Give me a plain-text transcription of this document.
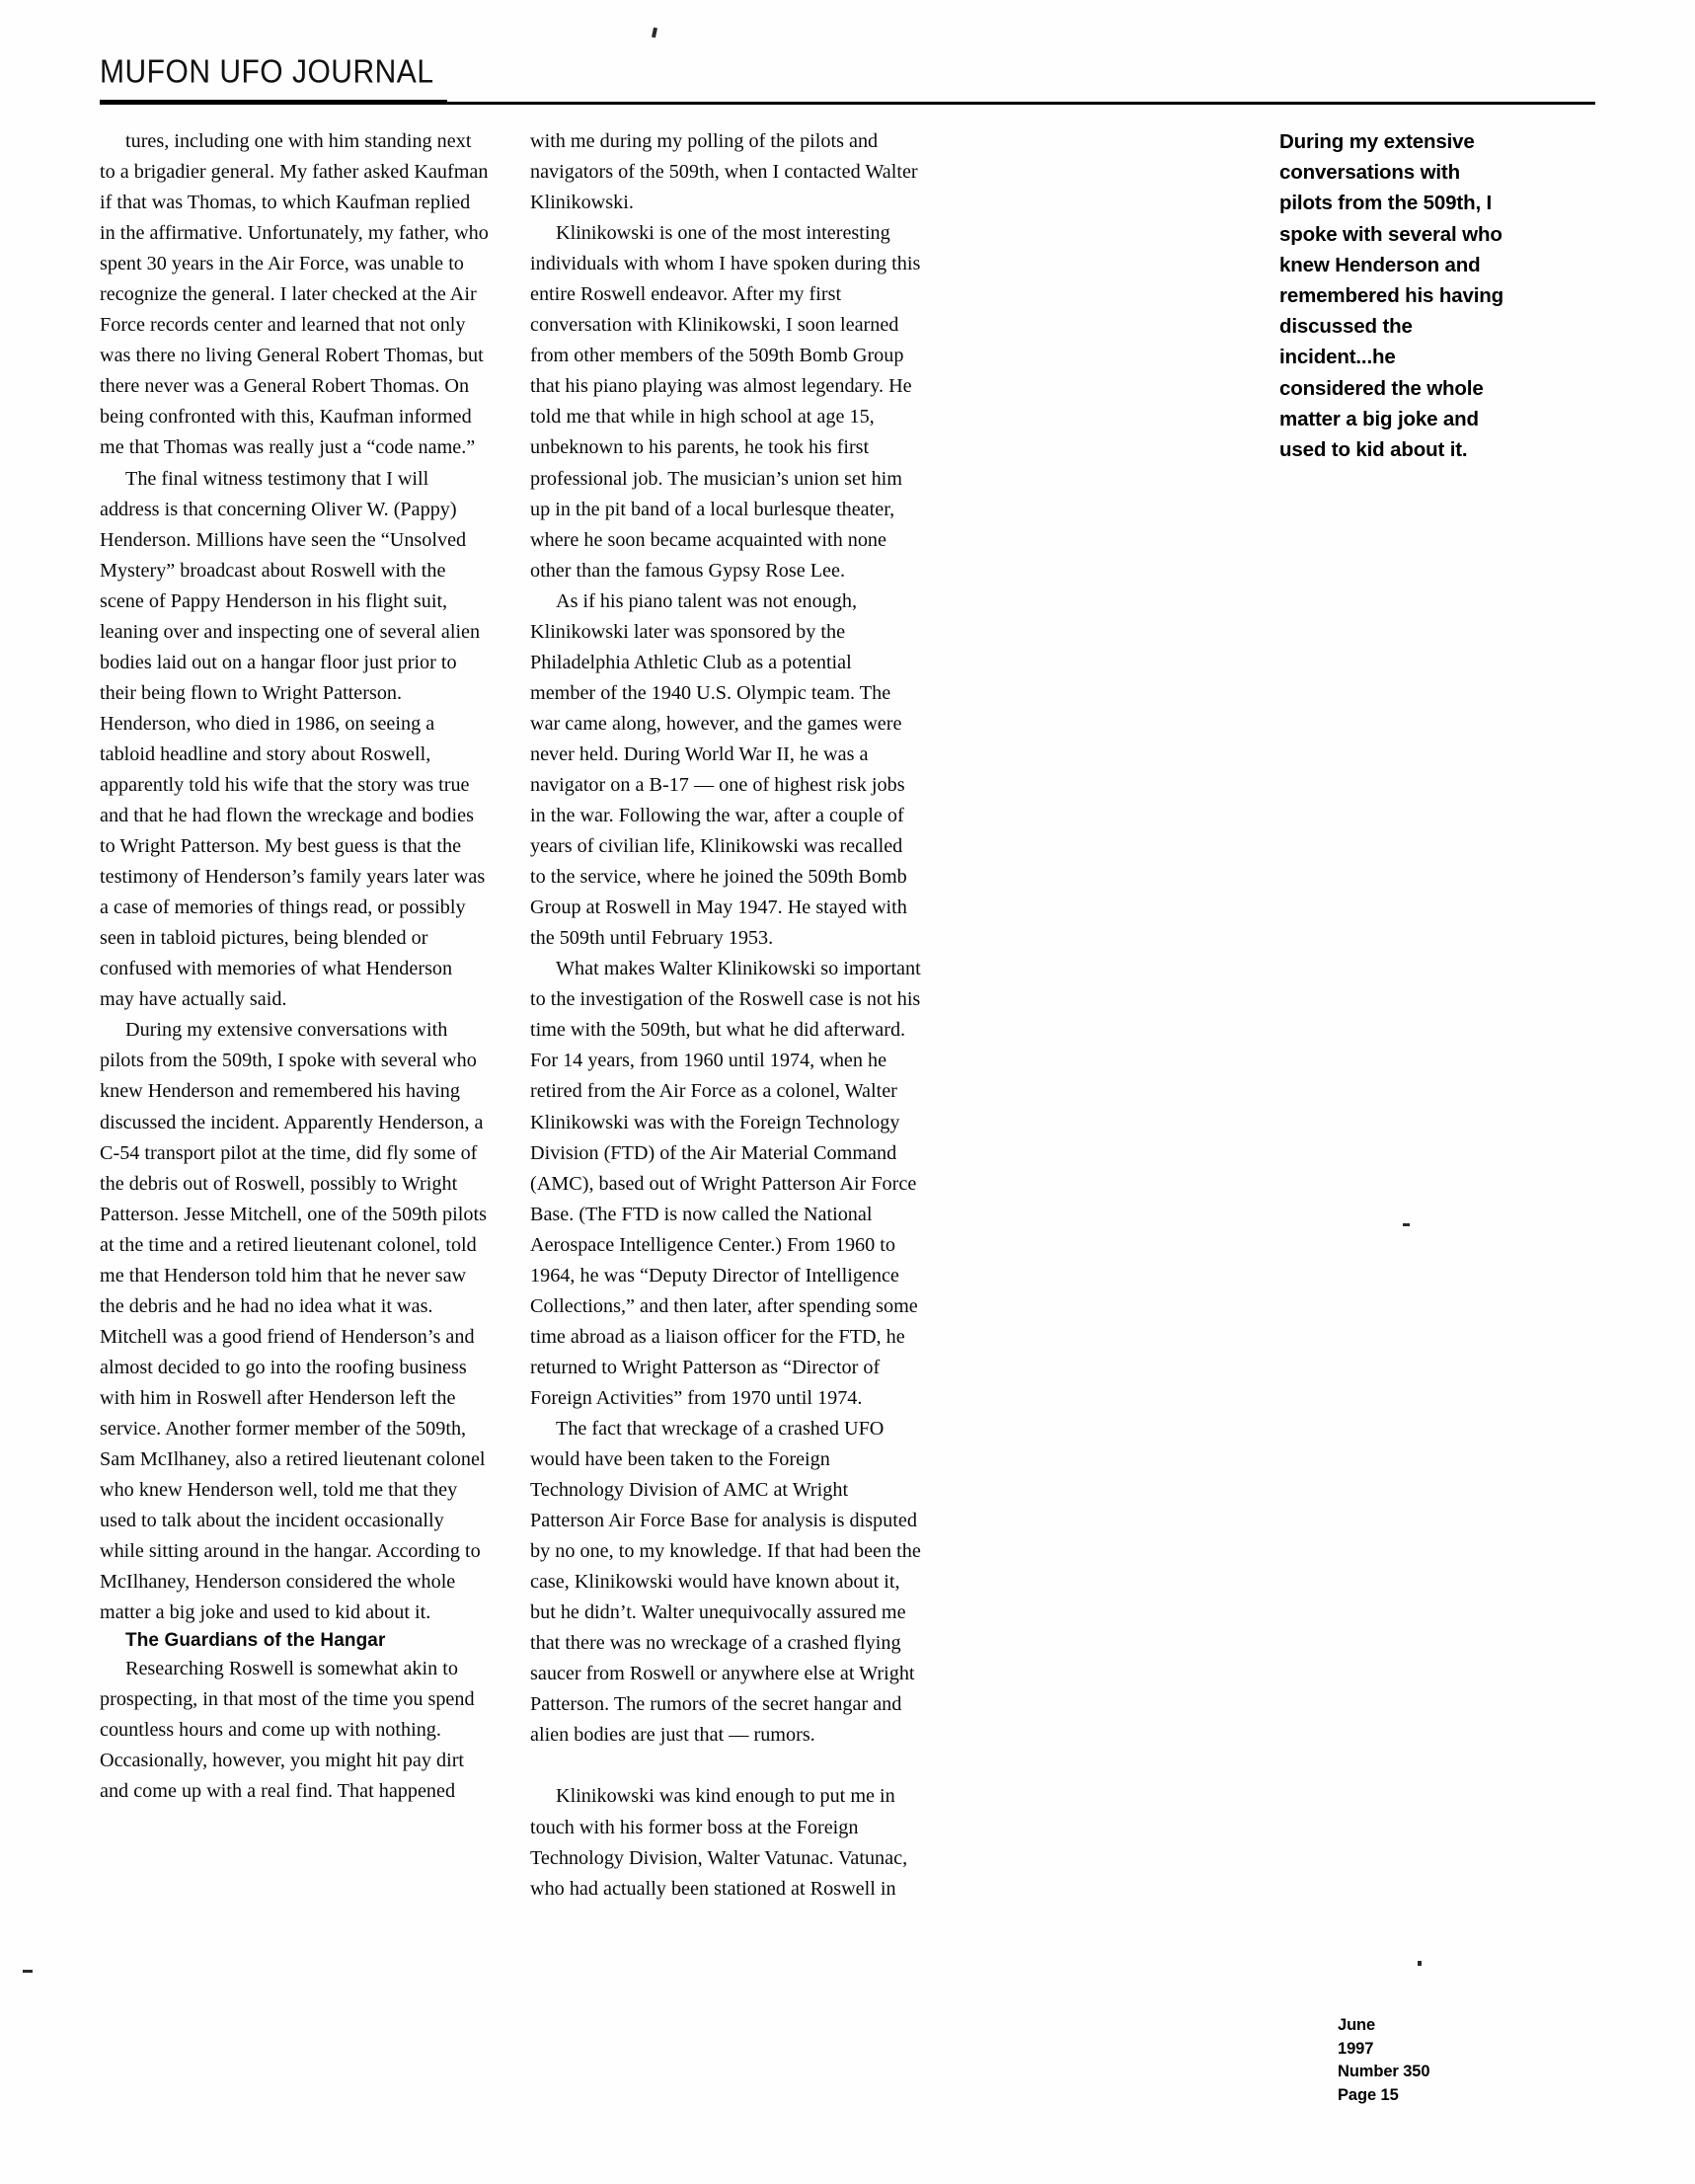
MUFON UFO JOURNAL

tures, including one with him standing next to a brigadier general. My father asked Kaufman if that was Thomas, to which Kaufman replied in the affirmative. Unfortunately, my father, who spent 30 years in the Air Force, was unable to recognize the general. I later checked at the Air Force records center and learned that not only was there no living General Robert Thomas, but there never was a General Robert Thomas. On being confronted with this, Kaufman informed me that Thomas was really just a “code name.”

The final witness testimony that I will address is that concerning Oliver W. (Pappy) Henderson. Millions have seen the “Unsolved Mystery” broadcast about Roswell with the scene of Pappy Henderson in his flight suit, leaning over and inspecting one of several alien bodies laid out on a hangar floor just prior to their being flown to Wright Patterson. Henderson, who died in 1986, on seeing a tabloid headline and story about Roswell, apparently told his wife that the story was true and that he had flown the wreckage and bodies to Wright Patterson. My best guess is that the testimony of Henderson’s family years later was a case of memories of things read, or possibly seen in tabloid pictures, being blended or confused with memories of what Henderson may have actually said.

During my extensive conversations with pilots from the 509th, I spoke with several who knew Henderson and remembered his having discussed the incident. Apparently Henderson, a C-54 transport pilot at the time, did fly some of the debris out of Roswell, possibly to Wright Patterson. Jesse Mitchell, one of the 509th pilots at the time and a retired lieutenant colonel, told me that Henderson told him that he never saw the debris and he had no idea what it was. Mitchell was a good friend of Henderson’s and almost decided to go into the roofing business with him in Roswell after Henderson left the service. Another former member of the 509th, Sam McIlhaney, also a retired lieutenant colonel who knew Henderson well, told me that they used to talk about the incident occasionally while sitting around in the hangar. According to McIlhaney, Henderson considered the whole matter a big joke and used to kid about it.

The Guardians of the Hangar

Researching Roswell is somewhat akin to prospecting, in that most of the time you spend countless hours and come up with nothing. Occasionally, however, you might hit pay dirt and come up with a real find. That happened

with me during my polling of the pilots and navigators of the 509th, when I contacted Walter Klinikowski.

Klinikowski is one of the most interesting individuals with whom I have spoken during this entire Roswell endeavor. After my first conversation with Klinikowski, I soon learned from other members of the 509th Bomb Group that his piano playing was almost legendary. He told me that while in high school at age 15, unbeknown to his parents, he took his first professional job. The musician’s union set him up in the pit band of a local burlesque theater, where he soon became acquainted with none other than the famous Gypsy Rose Lee.

As if his piano talent was not enough, Klinikowski later was sponsored by the Philadelphia Athletic Club as a potential member of the 1940 U.S. Olympic team. The war came along, however, and the games were never held. During World War II, he was a navigator on a B-17 — one of highest risk jobs in the war. Following the war, after a couple of years of civilian life, Klinikowski was recalled to the service, where he joined the 509th Bomb Group at Roswell in May 1947. He stayed with the 509th until February 1953.

What makes Walter Klinikowski so important to the investigation of the Roswell case is not his time with the 509th, but what he did afterward. For 14 years, from 1960 until 1974, when he retired from the Air Force as a colonel, Walter Klinikowski was with the Foreign Technology Division (FTD) of the Air Material Command (AMC), based out of Wright Patterson Air Force Base. (The FTD is now called the National Aerospace Intelligence Center.) From 1960 to 1964, he was “Deputy Director of Intelligence Collections,” and then later, after spending some time abroad as a liaison officer for the FTD, he returned to Wright Patterson as “Director of Foreign Activities” from 1970 until 1974.

The fact that wreckage of a crashed UFO would have been taken to the Foreign Technology Division of AMC at Wright Patterson Air Force Base for analysis is disputed by no one, to my knowledge. If that had been the case, Klinikowski would have known about it, but he didn’t. Walter unequivocally assured me that there was no wreckage of a crashed flying saucer from Roswell or anywhere else at Wright Patterson. The rumors of the secret hangar and alien bodies are just that — rumors.

Klinikowski was kind enough to put me in touch with his former boss at the Foreign Technology Division, Walter Vatunac. Vatunac, who had actually been stationed at Roswell in

During my extensive conversations with pilots from the 509th, I spoke with several who knew Henderson and remembered his having discussed the incident...he considered the whole matter a big joke and used to kid about it.

June
1997
Number 350
Page 15
